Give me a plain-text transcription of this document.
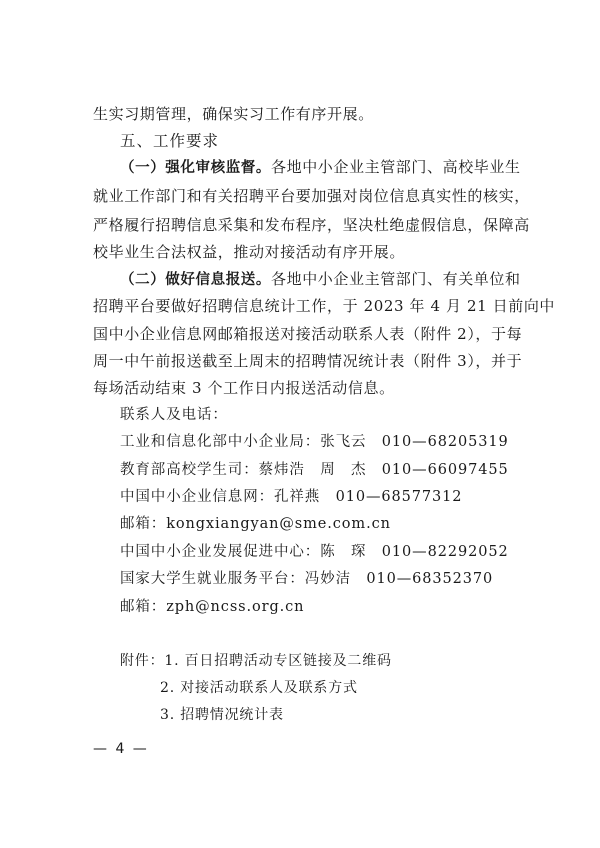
生实习期管理，确保实习工作有序开展。
五、工作要求
（一）强化审核监督。各地中小企业主管部门、高校毕业生
就业工作部门和有关招聘平台要加强对岗位信息真实性的核实，
严格履行招聘信息采集和发布程序，坚决杜绝虚假信息，保障高
校毕业生合法权益，推动对接活动有序开展。
（二）做好信息报送。各地中小企业主管部门、有关单位和
招聘平台要做好招聘信息统计工作，于 2023 年 4 月 21 日前向中
国中小企业信息网邮箱报送对接活动联系人表（附件 2），于每
周一中午前报送截至上周末的招聘情况统计表（附件 3），并于
每场活动结束 3 个工作日内报送活动信息。
联系人及电话：
工业和信息化部中小企业局：张飞云　010—68205319
教育部高校学生司：蔡炜浩　周　杰　010—66097455
中国中小企业信息网：孔祥燕　010—68577312
邮箱：kongxiangyan@sme.com.cn
中国中小企业发展促进中心：陈　琛　010—82292052
国家大学生就业服务平台：冯妙洁　010—68352370
邮箱：zph@ncss.org.cn
附件：1. 百日招聘活动专区链接及二维码
2. 对接活动联系人及联系方式
3. 招聘情况统计表
— 4 —
